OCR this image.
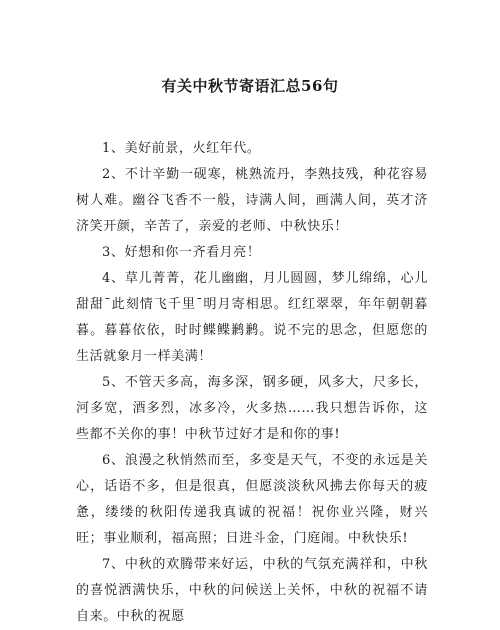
有关中秋节寄语汇总56句

1、美好前景，火红年代。

2、不计辛勤一砚寒，桃熟流丹，李熟技残，种花容易树人难。幽谷飞香不一般，诗满人间，画满人间，英才济济笑开颜，辛苦了，亲爱的老师、中秋快乐！

3、好想和你一齐看月亮！

4、草儿菁菁，花儿幽幽，月儿圆圆，梦儿绵绵，心儿甜甜¯此刻情飞千里¯明月寄相思。红红翠翠，年年朝朝暮暮。暮暮依依，时时鲽鲽鹣鹣。说不完的思念，但愿您的生活就象月一样美满！

5、不管天多高，海多深，钢多硬，风多大，尺多长，河多宽，酒多烈，冰多冷，火多热……我只想告诉你，这些都不关你的事！中秋节过好才是和你的事!

6、浪漫之秋悄然而至，多变是天气，不变的永远是关心，话语不多，但是很真，但愿淡淡秋风拂去你每天的疲惫，缕缕的秋阳传递我真诚的祝福！祝你业兴隆，财兴旺；事业顺利，福高照；日进斗金，门庭闹。中秋快乐!

7、中秋的欢腾带来好运，中秋的气氛充满祥和，中秋的喜悦洒满快乐，中秋的问候送上关怀，中秋的祝福不请自来。中秋的祝愿
